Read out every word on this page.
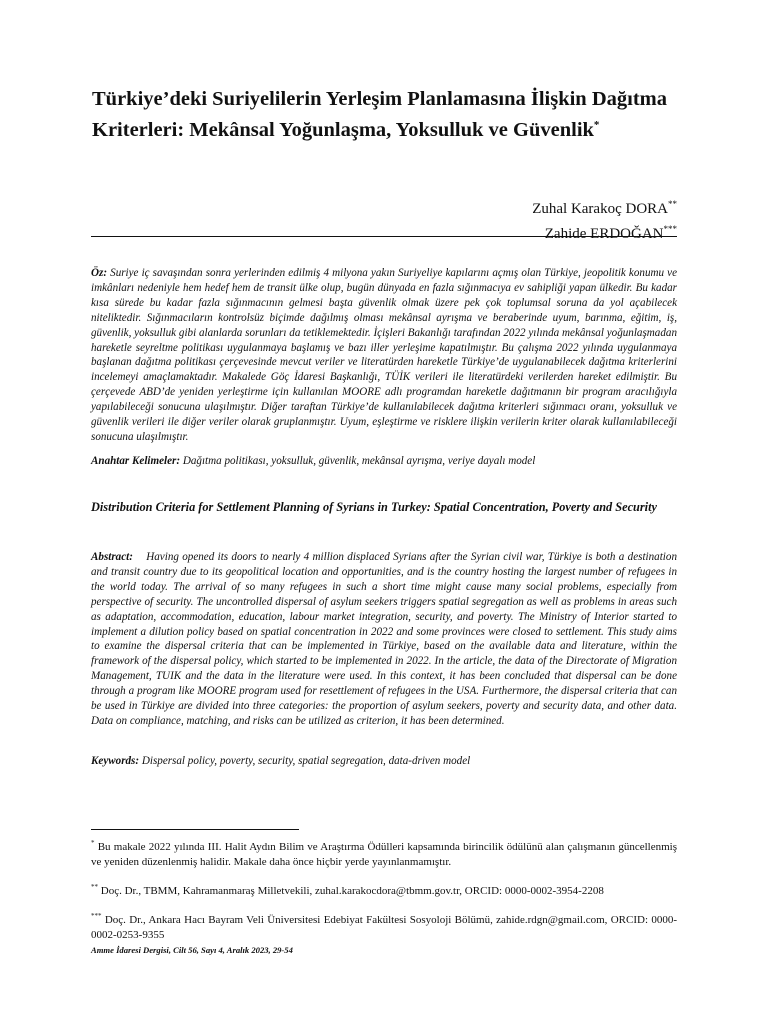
Türkiye’deki Suriyelilerin Yerleşim Planlamasına İlişkin Dağıtma Kriterleri: Mekânsal Yoğunlaşma, Yoksulluk ve Güvenlik*
Zuhal Karakoç DORA**
Zahide ERDOĞAN***

Öz: Suriye iç savaşından sonra yerlerinden edilmiş 4 milyona yakın Suriyeliye kapılarını açmış olan Türkiye, jeopolitik konumu ve imkânları nedeniyle hem hedef hem de transit ülke olup, bugün dünyada en fazla sığınmacıya ev sahipliği yapan ülkedir. Bu kadar kısa sürede bu kadar fazla sığınmacının gelmesi başta güvenlik olmak üzere pek çok toplumsal soruna da yol açabilecek niteliktedir. Sığınmacıların kontrolsüz biçimde dağılmış olması mekânsal ayrışma ve beraberinde uyum, barınma, eğitim, iş, güvenlik, yoksulluk gibi alanlarda sorunları da tetiklemektedir. İçişleri Bakanlığı tarafından 2022 yılında mekânsal yoğunlaşmadan hareketle seyreltme politikası uygulanmaya başlamış ve bazı iller yerleşime kapatılmıştır. Bu çalışma 2022 yılında uygulanmaya başlanan dağıtma politikası çerçevesinde mevcut veriler ve literatürden hareketle Türkiye’de uygulanabilecek dağıtma kriterlerini incelemeyi amaçlamaktadır. Makalede Göç İdaresi Başkanlığı, TÜİK verileri ile literatürdeki verilerden hareket edilmiştir. Bu çerçevede ABD’de yeniden yerleştirme için kullanılan MOORE adlı programdan hareketle dağıtmanın bir program aracılığıyla yapılabileceği sonucuna ulaşılmıştır. Diğer taraftan Türkiye’de kullanılabilecek dağıtma kriterleri sığınmacı oranı, yoksulluk ve güvenlik verileri ile diğer veriler olarak gruplanmıştır. Uyum, eşleştirme ve risklere ilişkin verilerin kriter olarak kullanılabileceği sonucuna ulaşılmıştır.

Anahtar Kelimeler: Dağıtma politikası, yoksulluk, güvenlik, mekânsal ayrışma, veriye dayalı model

Distribution Criteria for Settlement Planning of Syrians in Turkey: Spatial Concentration, Poverty and Security

Abstract: Having opened its doors to nearly 4 million displaced Syrians after the Syrian civil war, Türkiye is both a destination and transit country due to its geopolitical location and opportunities, and is the country hosting the largest number of refugees in the world today. The arrival of so many refugees in such a short time might cause many social problems, especially from perspective of security. The uncontrolled dispersal of asylum seekers triggers spatial segregation as well as problems in areas such as adaptation, accommodation, education, labour market integration, security, and poverty. The Ministry of Interior started to implement a dilution policy based on spatial concentration in 2022 and some provinces were closed to settlement. This study aims to examine the dispersal criteria that can be implemented in Türkiye, based on the available data and literature, within the framework of the dispersal policy, which started to be implemented in 2022. In the article, the data of the Directorate of Migration Management, TUIK and the data in the literature were used. In this context, it has been concluded that dispersal can be done through a program like MOORE program used for resettlement of refugees in the USA. Furthermore, the dispersal criteria that can be used in Türkiye are divided into three categories: the proportion of asylum seekers, poverty and security data, and other data. Data on compliance, matching, and risks can be utilized as criterion, it has been determined.

Keywords: Dispersal policy, poverty, security, spatial segregation, data-driven model

* Bu makale 2022 yılında III. Halit Aydın Bilim ve Araştırma Ödülleri kapsamında birincilik ödülünü alan çalışmanın güncellenmiş ve yeniden düzenlenmiş halidir. Makale daha önce hiçbir yerde yayınlanmamıştır.

** Doç. Dr., TBMM, Kahramanmaraş Milletvekili, zuhal.karakocdora@tbmm.gov.tr, ORCID: 0000-0002-3954-2208

*** Doç. Dr., Ankara Hacı Bayram Veli Üniversitesi Edebiyat Fakültesi Sosyoloji Bölümü, zahide.rdgn@gmail.com, ORCID: 0000-0002-0253-9355

Amme İdaresi Dergisi, Cilt 56, Sayı 4, Aralık 2023, 29-54
